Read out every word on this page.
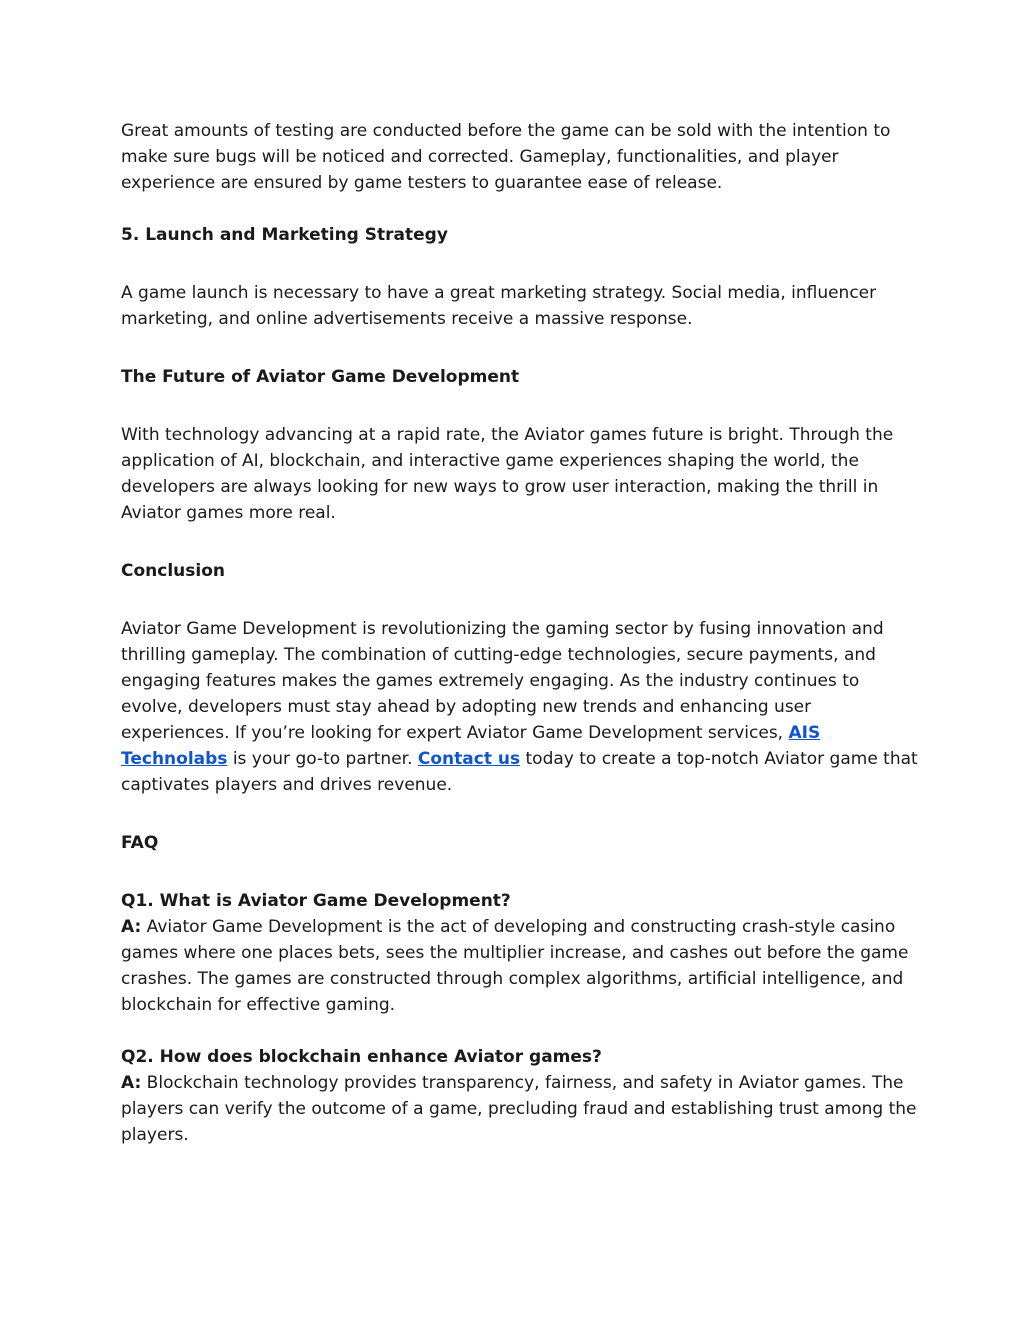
Great amounts of testing are conducted before the game can be sold with the intention to make sure bugs will be noticed and corrected. Gameplay, functionalities, and player experience are ensured by game testers to guarantee ease of release.

5. Launch and Marketing Strategy

A game launch is necessary to have a great marketing strategy. Social media, influencer marketing, and online advertisements receive a massive response.

The Future of Aviator Game Development

With technology advancing at a rapid rate, the Aviator games future is bright. Through the application of AI, blockchain, and interactive game experiences shaping the world, the developers are always looking for new ways to grow user interaction, making the thrill in Aviator games more real.

Conclusion

Aviator Game Development is revolutionizing the gaming sector by fusing innovation and thrilling gameplay. The combination of cutting-edge technologies, secure payments, and engaging features makes the games extremely engaging. As the industry continues to evolve, developers must stay ahead by adopting new trends and enhancing user experiences. If you’re looking for expert Aviator Game Development services, AIS Technolabs is your go-to partner. Contact us today to create a top-notch Aviator game that captivates players and drives revenue.

FAQ

Q1. What is Aviator Game Development?

A: Aviator Game Development is the act of developing and constructing crash-style casino games where one places bets, sees the multiplier increase, and cashes out before the game crashes. The games are constructed through complex algorithms, artificial intelligence, and blockchain for effective gaming.

Q2. How does blockchain enhance Aviator games?

A: Blockchain technology provides transparency, fairness, and safety in Aviator games. The players can verify the outcome of a game, precluding fraud and establishing trust among the players.
